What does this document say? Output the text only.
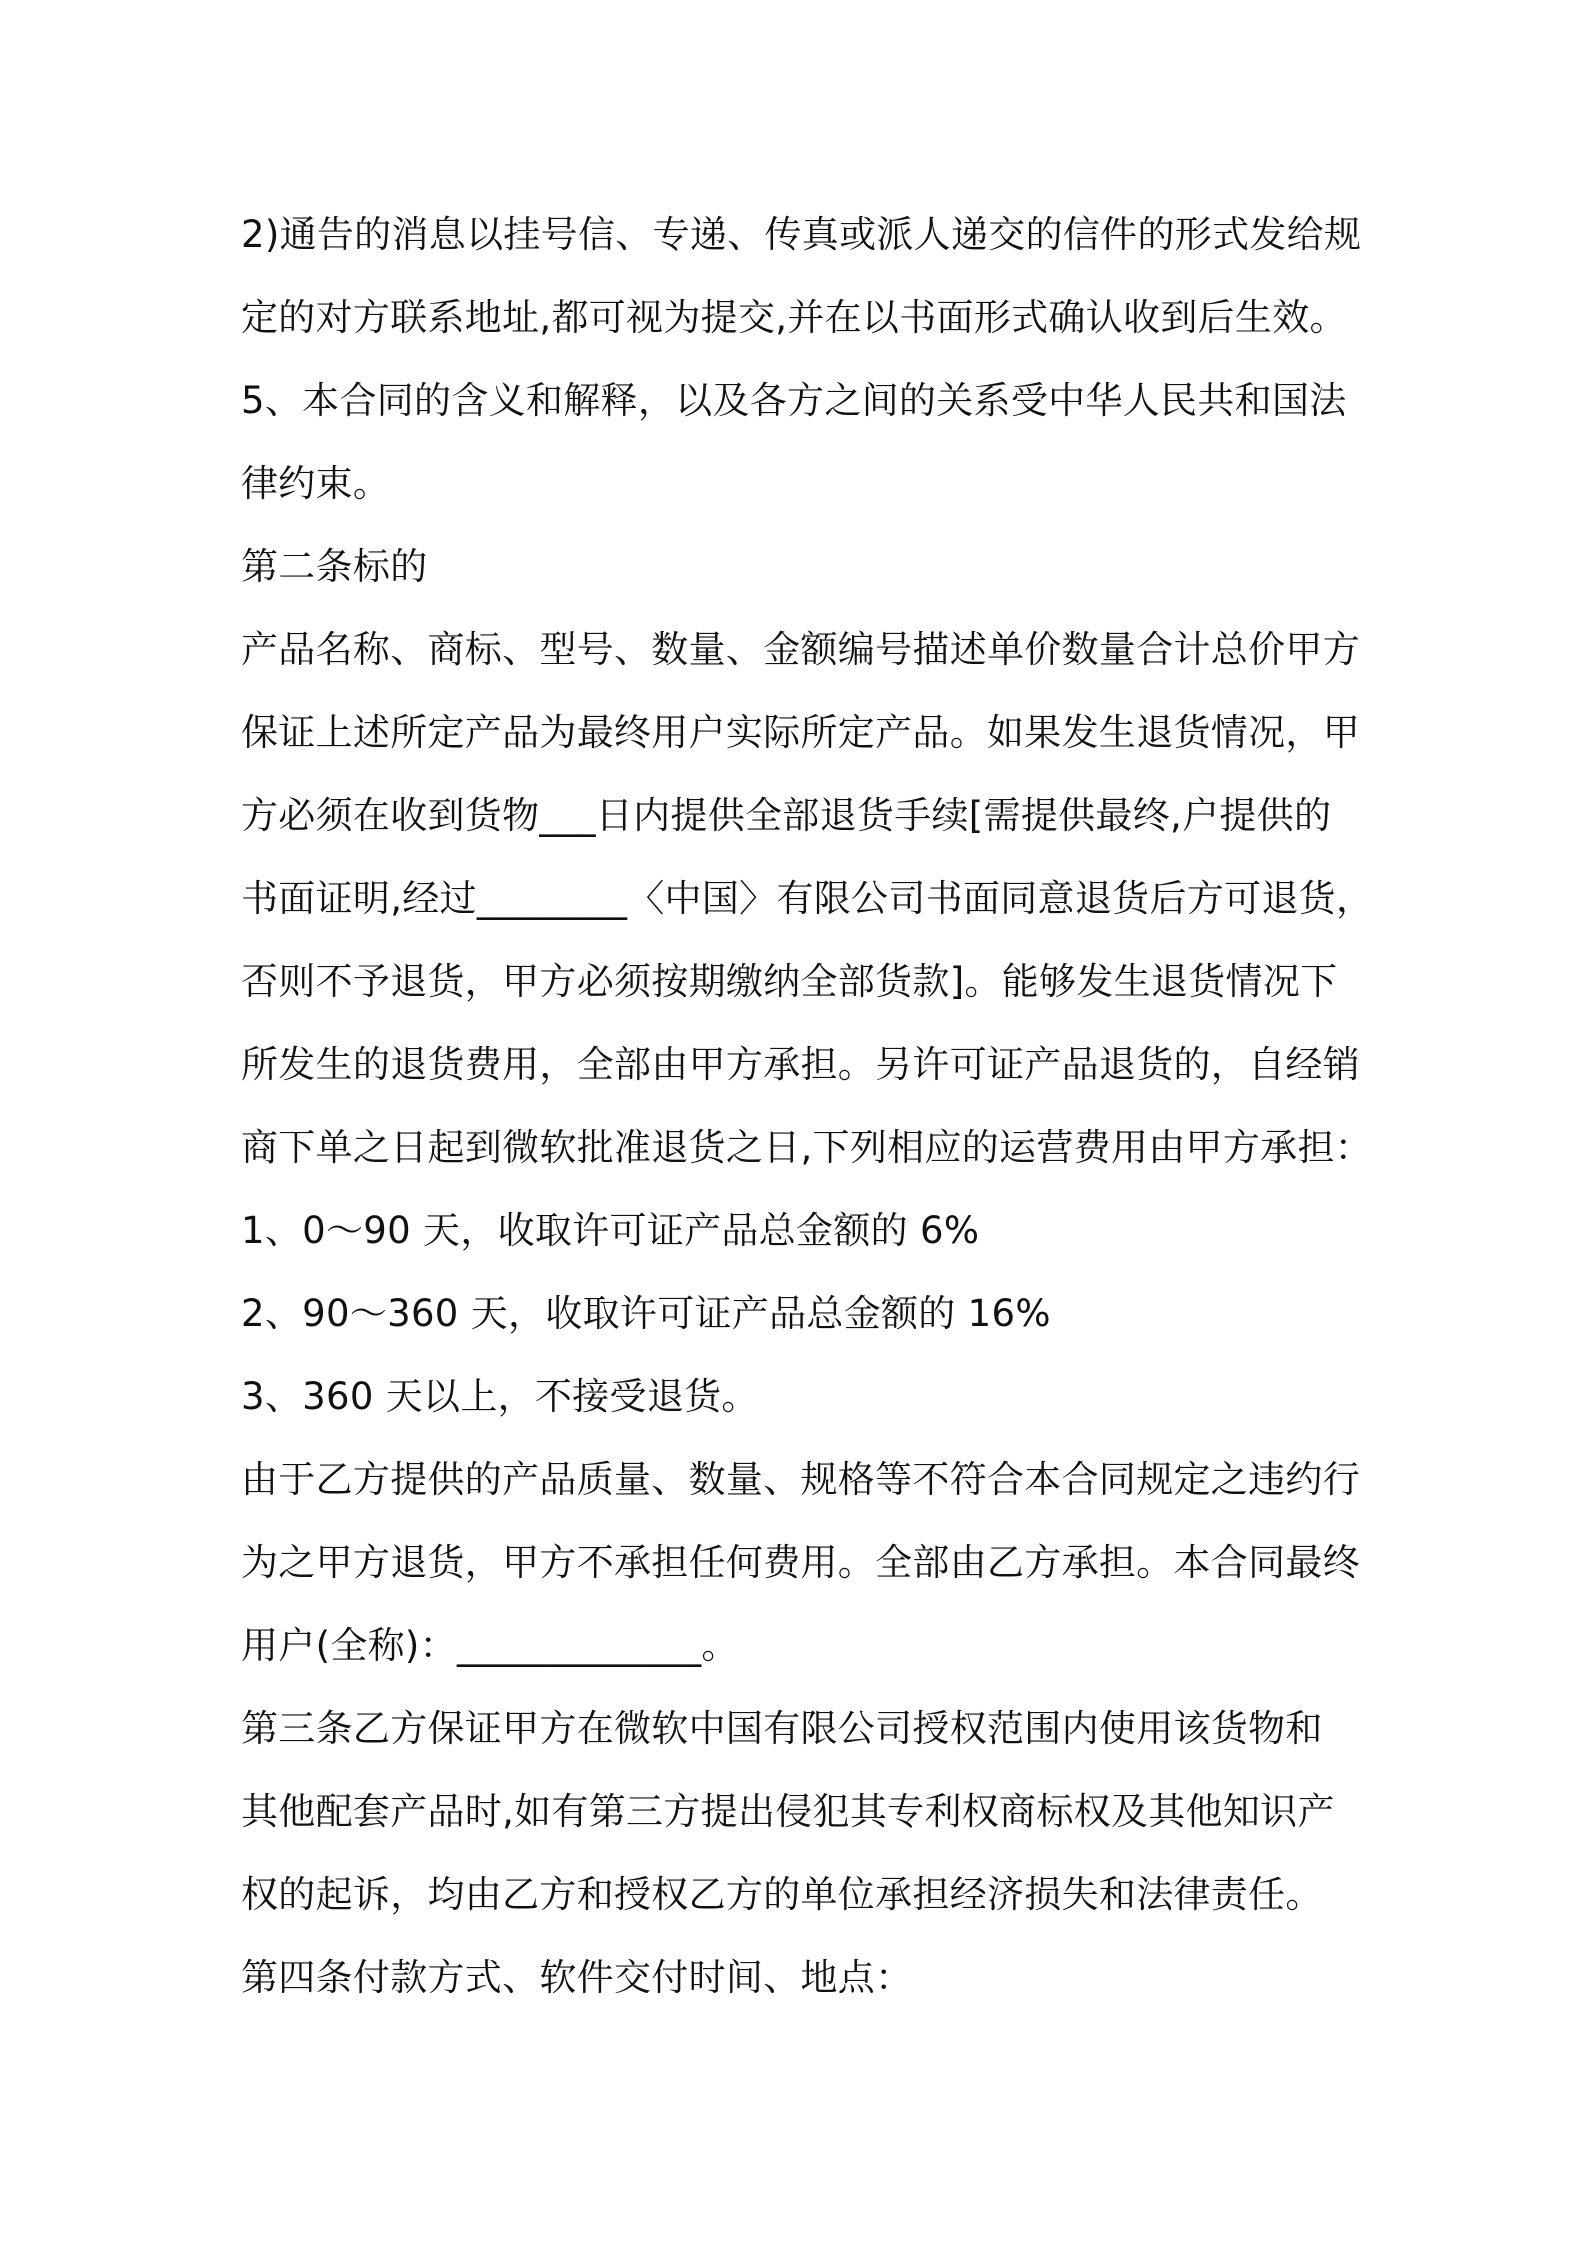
2)通告的消息以挂号信、专递、传真或派人递交的信件的形式发给规
定的对方联系地址,都可视为提交,并在以书面形式确认收到后生效。
5、本合同的含义和解释，以及各方之间的关系受中华人民共和国法
律约束。
第二条标的
产品名称、商标、型号、数量、金额编号描述单价数量合计总价甲方
保证上述所定产品为最终用户实际所定产品。如果发生退货情况，甲
方必须在收到货物___日内提供全部退货手续[需提供最终,户提供的
书面证明,经过________〈中国〉有限公司书面同意退货后方可退货，
否则不予退货，甲方必须按期缴纳全部货款]。能够发生退货情况下
所发生的退货费用，全部由甲方承担。另许可证产品退货的，自经销
商下单之日起到微软批准退货之日,下列相应的运营费用由甲方承担：
1、0～90 天，收取许可证产品总金额的 6%
2、90～360 天，收取许可证产品总金额的 16%
3、360 天以上，不接受退货。
由于乙方提供的产品质量、数量、规格等不符合本合同规定之违约行
为之甲方退货，甲方不承担任何费用。全部由乙方承担。本合同最终
用户(全称)：_____________。
第三条乙方保证甲方在微软中国有限公司授权范围内使用该货物和
其他配套产品时,如有第三方提出侵犯其专利权商标权及其他知识产
权的起诉，均由乙方和授权乙方的单位承担经济损失和法律责任。
第四条付款方式、软件交付时间、地点：
